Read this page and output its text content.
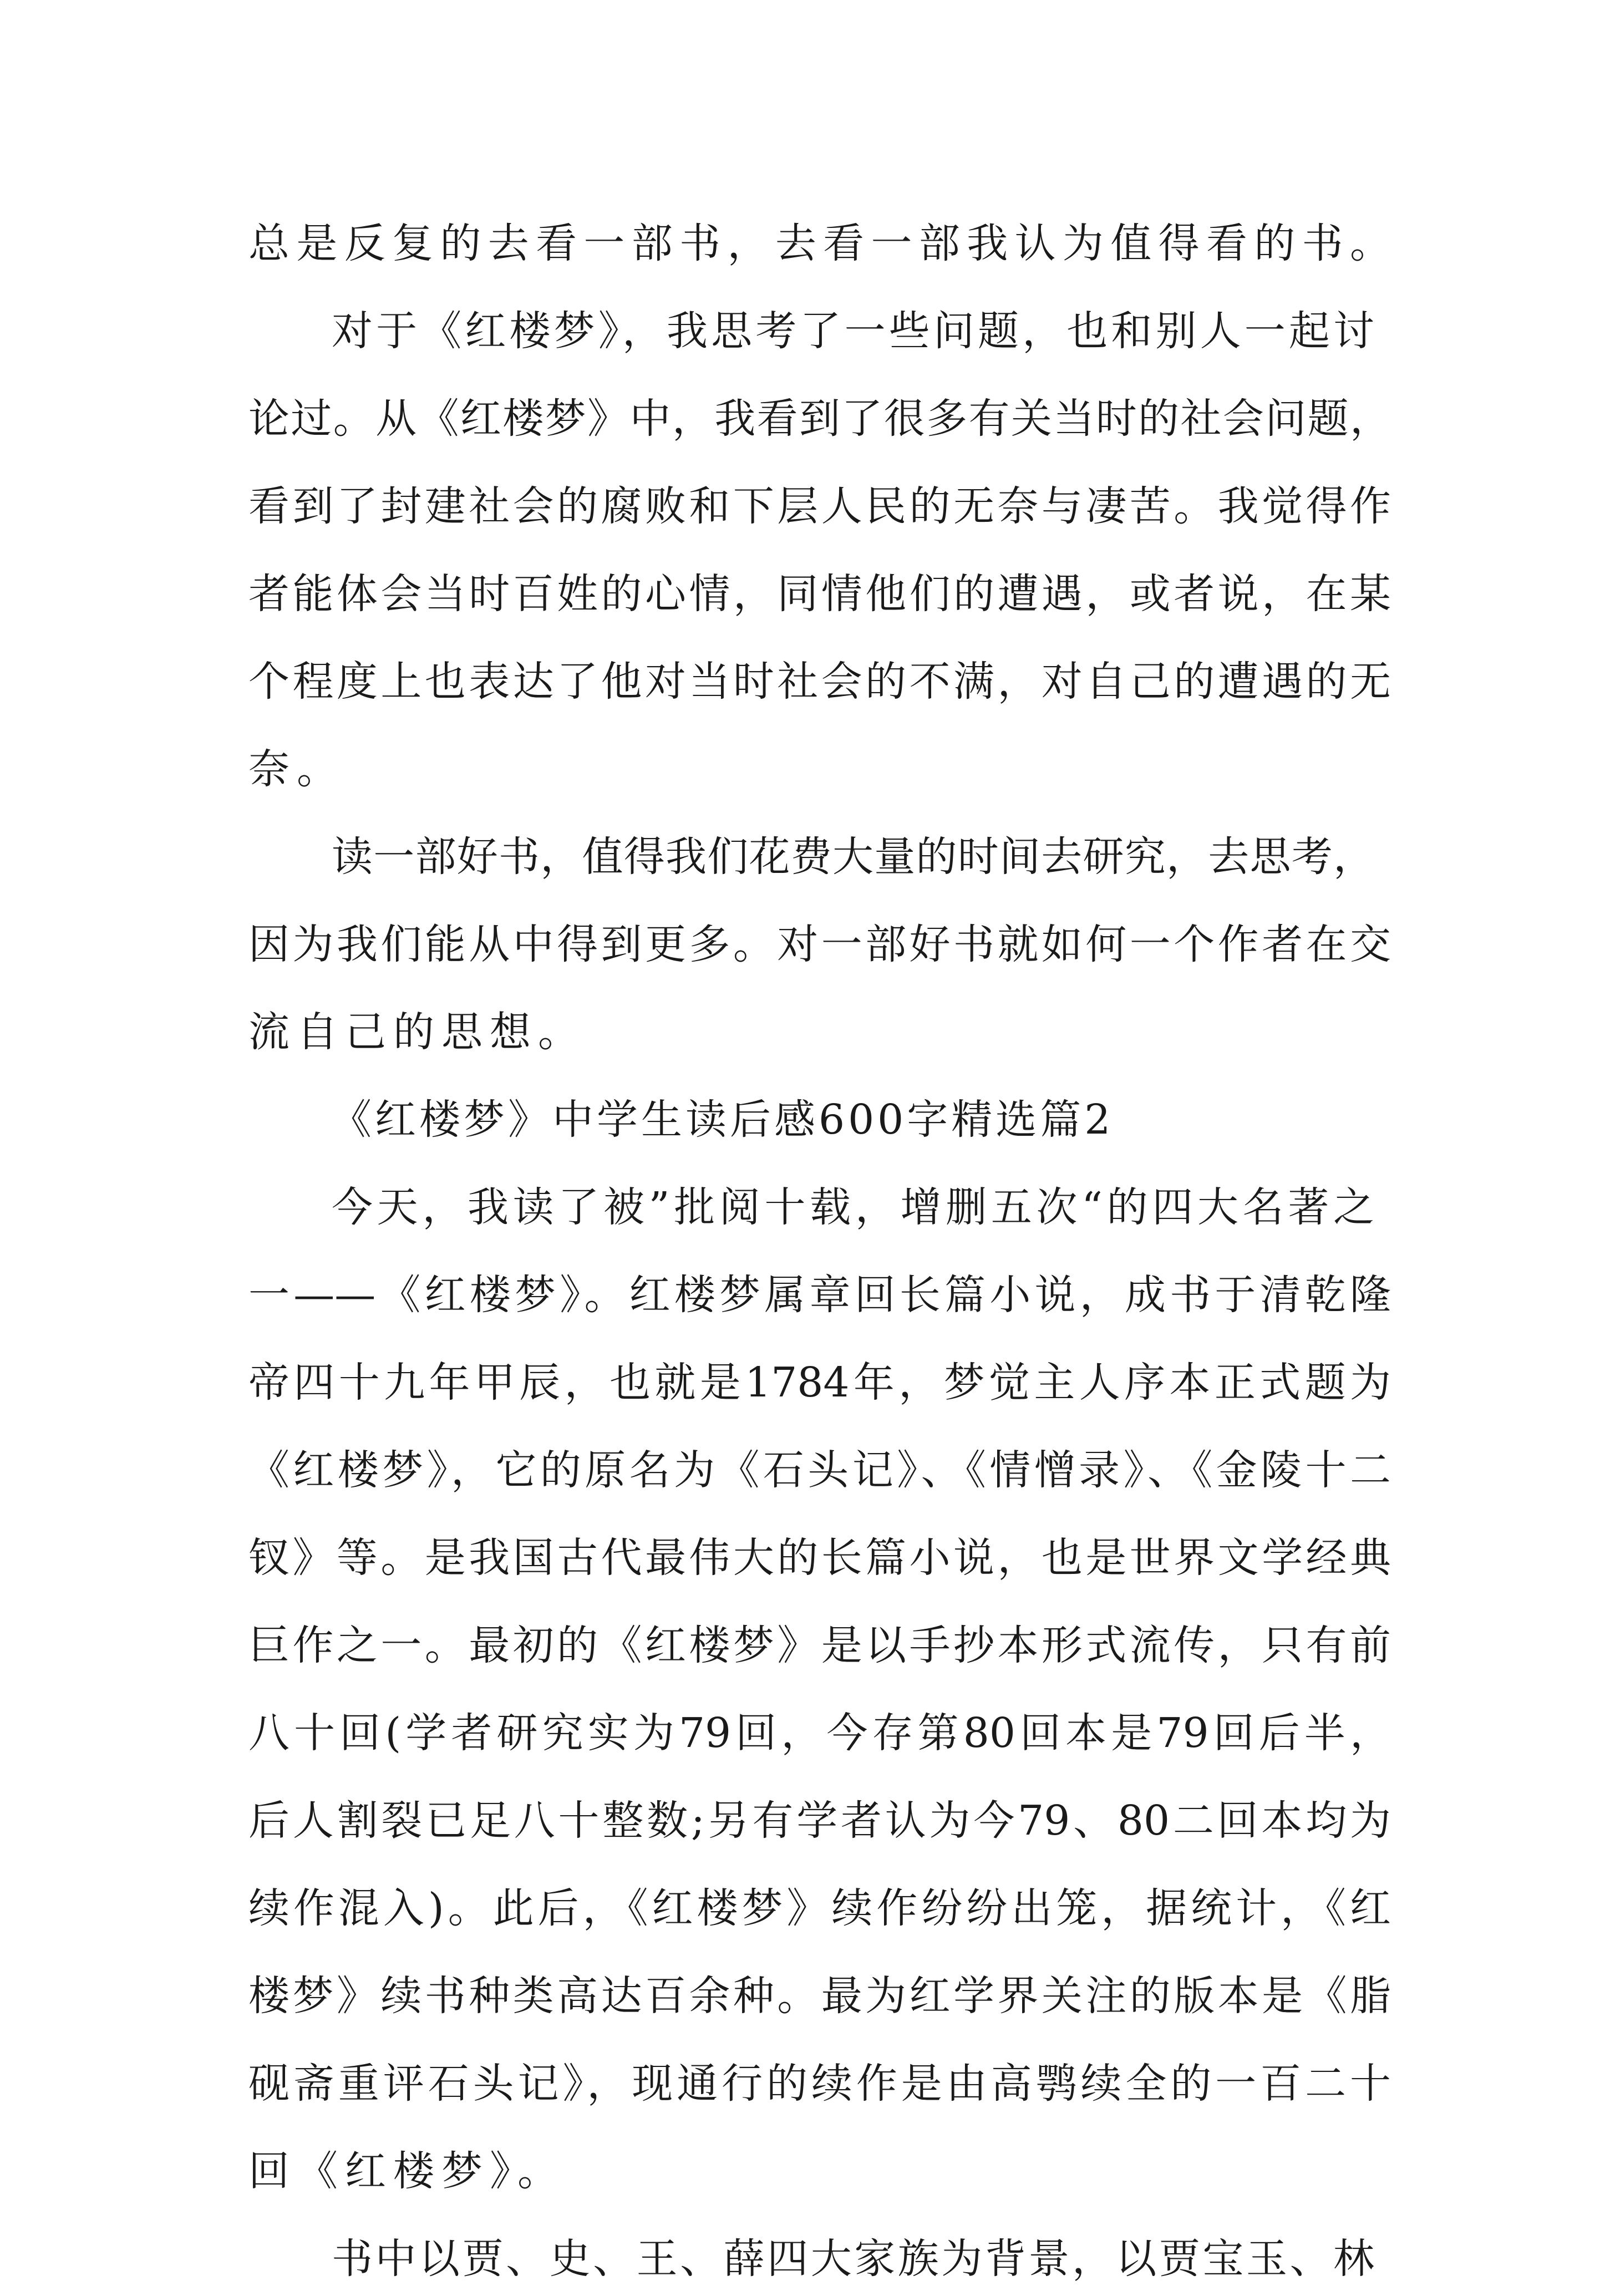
总是反复的去看一部书，去看一部我认为值得看的书。
对于《红楼梦》，我思考了一些问题，也和别人一起讨
论过。从《红楼梦》中，我看到了很多有关当时的社会问题，
看到了封建社会的腐败和下层人民的无奈与凄苦。我觉得作
者能体会当时百姓的心情，同情他们的遭遇，或者说，在某
个程度上也表达了他对当时社会的不满，对自己的遭遇的无
奈。
读一部好书，值得我们花费大量的时间去研究，去思考，
因为我们能从中得到更多。对一部好书就如何一个作者在交
流自己的思想。
《红楼梦》中学生读后感600字精选篇2
今天，我读了被”批阅十载，增删五次“的四大名著之
一——《红楼梦》。红楼梦属章回长篇小说，成书于清乾隆
帝四十九年甲辰，也就是1784年，梦觉主人序本正式题为
《红楼梦》，它的原名为《石头记》、《情憎录》、《金陵十二
钗》等。是我国古代最伟大的长篇小说，也是世界文学经典
巨作之一。最初的《红楼梦》是以手抄本形式流传，只有前
八十回(学者研究实为79回，今存第80回本是79回后半，
后人割裂已足八十整数;另有学者认为今79、80二回本均为
续作混入)。此后，《红楼梦》续作纷纷出笼，据统计，《红
楼梦》续书种类高达百余种。最为红学界关注的版本是《脂
砚斋重评石头记》，现通行的续作是由高鹗续全的一百二十
回《红楼梦》。
书中以贾、史、王、薛四大家族为背景，以贾宝玉、林
